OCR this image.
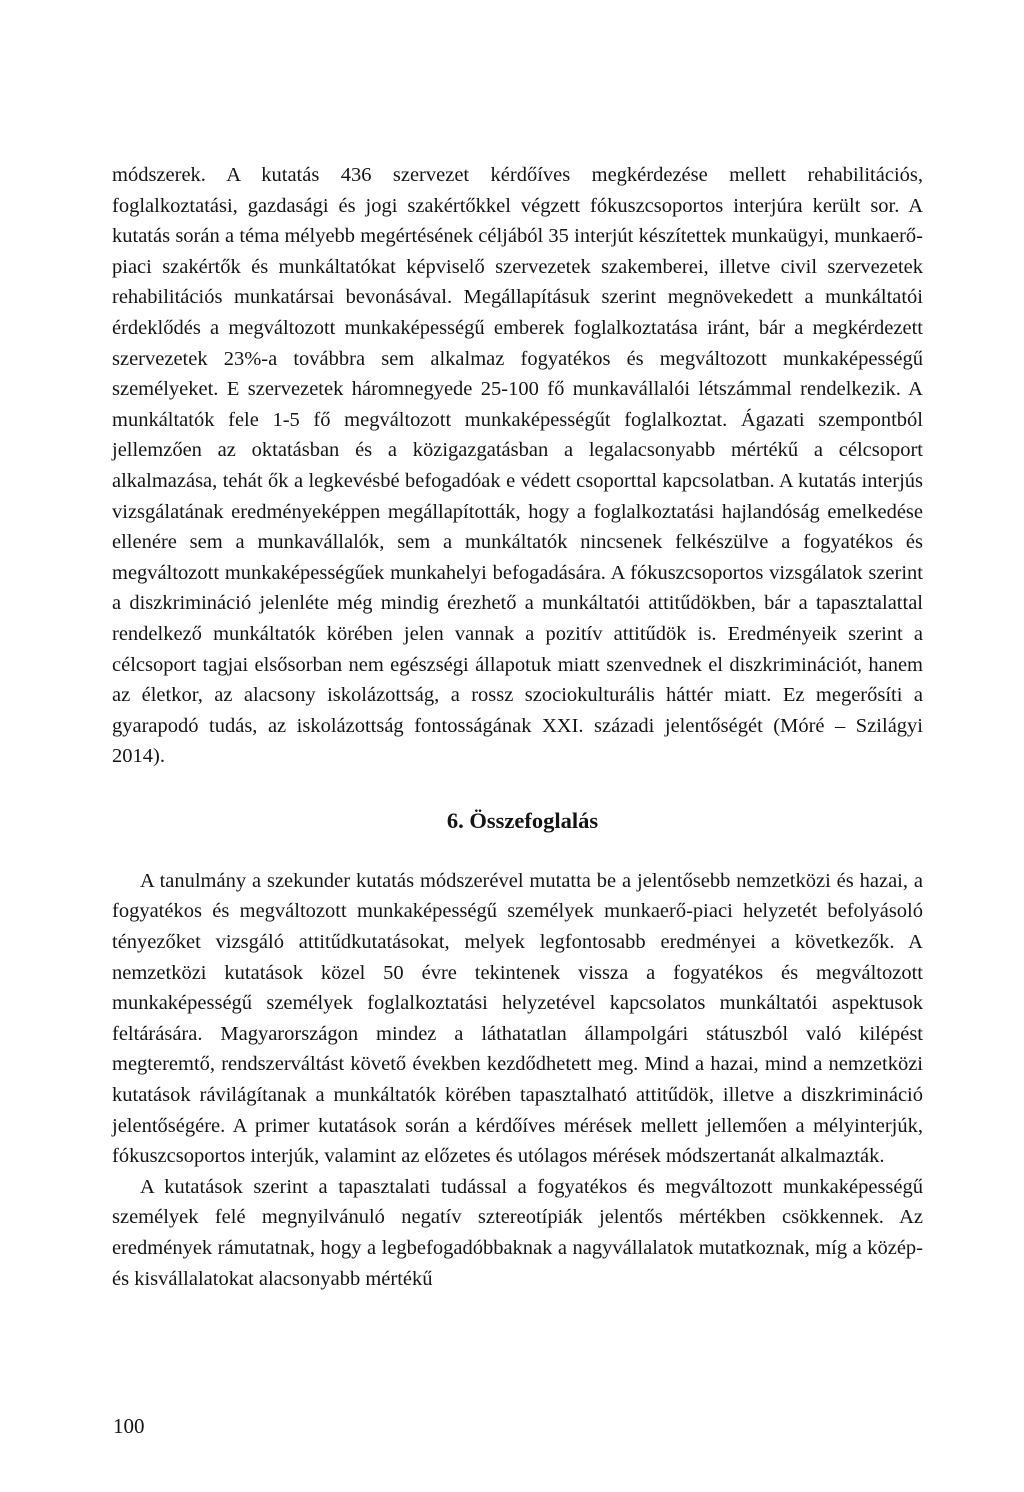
módszerek. A kutatás 436 szervezet kérdőíves megkérdezése mellett rehabilitációs, foglalkoztatási, gazdasági és jogi szakértőkkel végzett fókuszcsoportos interjúra került sor. A kutatás során a téma mélyebb megértésének céljából 35 interjút készítettek munkaügyi, munkaerő-piaci szakértők és munkáltatókat képviselő szervezetek szakemberei, illetve civil szervezetek rehabilitációs munkatársai bevonásával. Megállapításuk szerint megnövekedett a munkáltatói érdeklődés a megváltozott munkaképességű emberek foglalkoztatása iránt, bár a megkérdezett szervezetek 23%-a továbbra sem alkalmaz fogyatékos és megváltozott munkaképességű személyeket. E szervezetek háromnegyede 25-100 fő munkavállalói létszámmal rendelkezik. A munkáltatók fele 1-5 fő megváltozott munkaképességűt foglalkoztat. Ágazati szempontból jellemzően az oktatásban és a közigazgatásban a legalacsonyabb mértékű a célcsoport alkalmazása, tehát ők a legkevésbé befogadóak e védett csoporttal kapcsolatban. A kutatás interjús vizsgálatának eredményeképpen megállapították, hogy a foglalkoztatási hajlandóság emelkedése ellenére sem a munkavállalók, sem a munkáltatók nincsenek felkészülve a fogyatékos és megváltozott munkaképességűek munkahelyi befogadására. A fókuszcsoportos vizsgálatok szerint a diszkrimináció jelenléte még mindig érezhető a munkáltatói attitűdökben, bár a tapasztalattal rendelkező munkáltatók körében jelen vannak a pozitív attitűdök is. Eredményeik szerint a célcsoport tagjai elsősorban nem egészségi állapotuk miatt szenvednek el diszkriminációt, hanem az életkor, az alacsony iskolázottság, a rossz szociokulturális háttér miatt. Ez megerősíti a gyarapodó tudás, az iskolázottság fontosságának XXI. századi jelentőségét (Móré – Szilágyi 2014).

6. Összefoglalás

A tanulmány a szekunder kutatás módszerével mutatta be a jelentősebb nemzetközi és hazai, a fogyatékos és megváltozott munkaképességű személyek munkaerő-piaci helyzetét befolyásoló tényezőket vizsgáló attitűdkutatásokat, melyek legfontosabb eredményei a következők. A nemzetközi kutatások közel 50 évre tekintenek vissza a fogyatékos és megváltozott munkaképességű személyek foglalkoztatási helyzetével kapcsolatos munkáltatói aspektusok feltárására. Magyarországon mindez a láthatatlan állampolgári státuszból való kilépést megteremtő, rendszerváltást követő években kezdődhetett meg. Mind a hazai, mind a nemzetközi kutatások rávilágítanak a munkáltatók körében tapasztalható attitűdök, illetve a diszkrimináció jelentőségére. A primer kutatások során a kérdőíves mérések mellett jellemően a mélyinterjúk, fókuszcsoportos interjúk, valamint az előzetes és utólagos mérések módszertanát alkalmazták.

A kutatások szerint a tapasztalati tudással a fogyatékos és megváltozott munkaképességű személyek felé megnyilvánuló negatív sztereotípiák jelentős mértékben csökkennek. Az eredmények rámutatnak, hogy a legbefogadóbbaknak a nagyvállalatok mutatkoznak, míg a közép- és kisvállalatokat alacsonyabb mértékű

100
